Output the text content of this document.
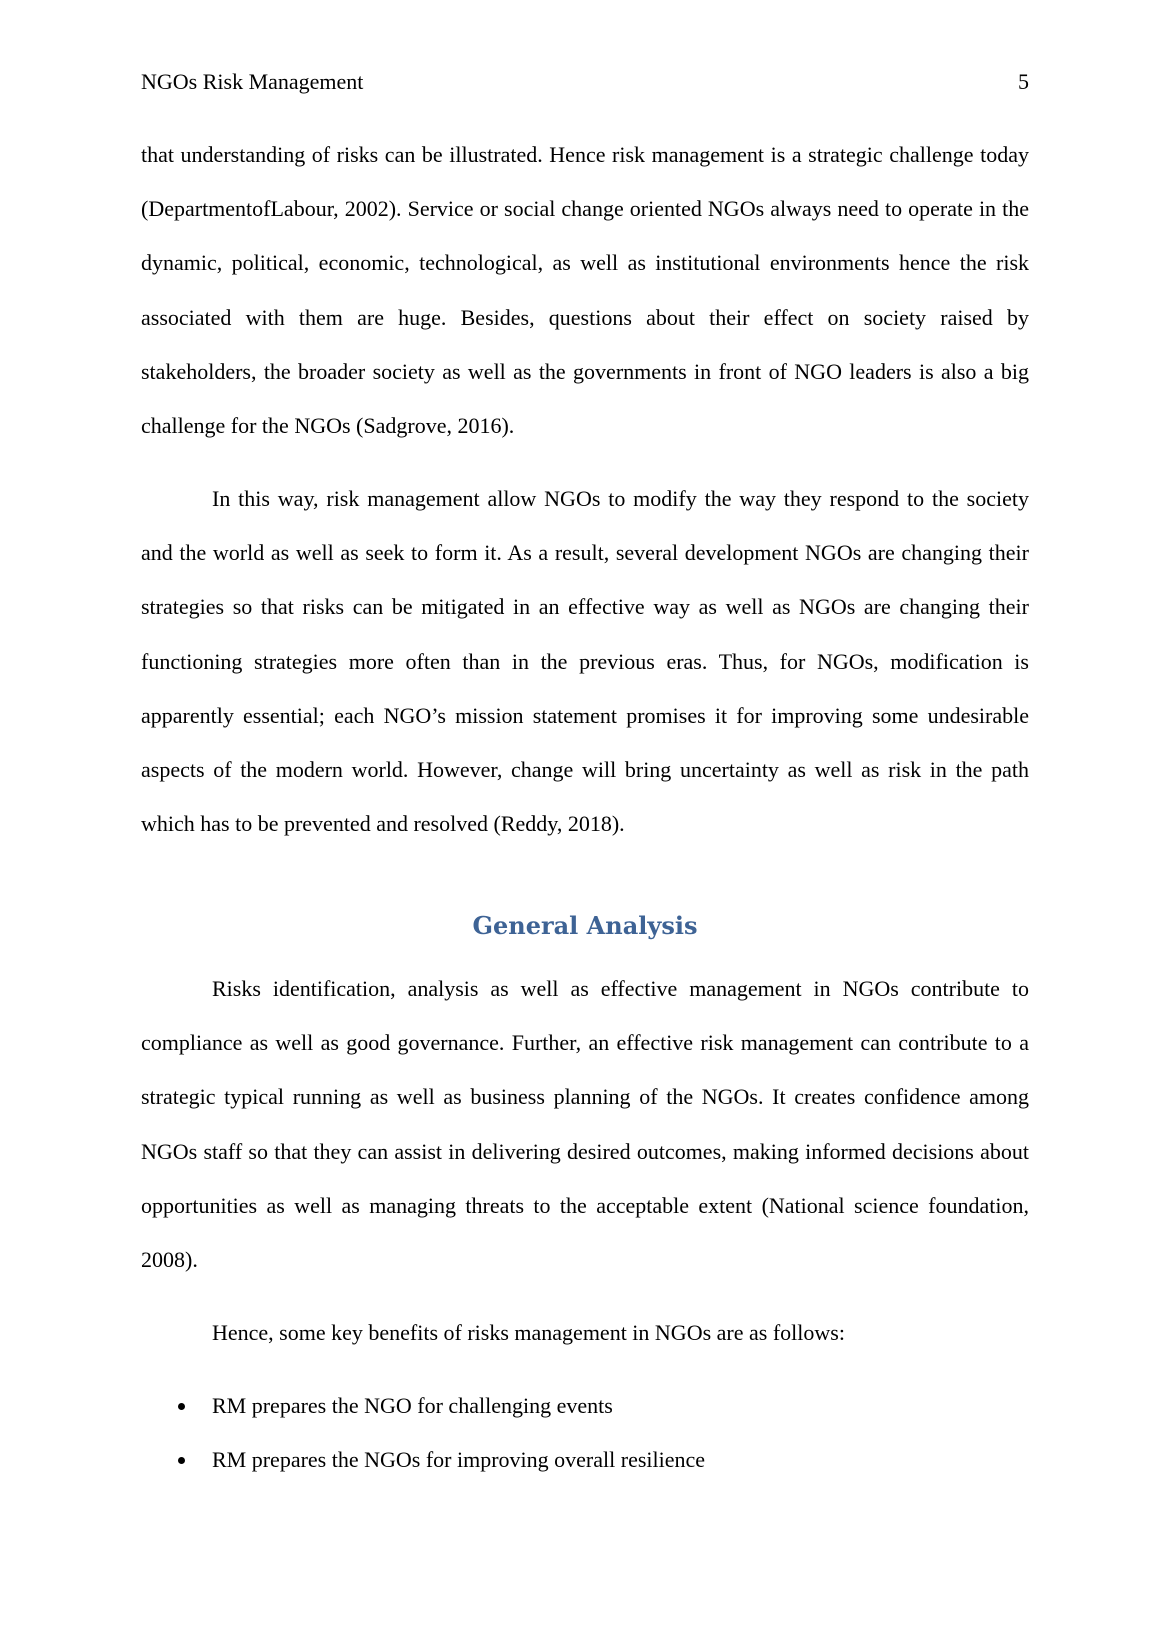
NGOs Risk Management	5

that understanding of risks can be illustrated. Hence risk management is a strategic challenge today (DepartmentofLabour, 2002). Service or social change oriented NGOs always need to operate in the dynamic, political, economic, technological, as well as institutional environments hence the risk associated with them are huge. Besides, questions about their effect on society raised by stakeholders, the broader society as well as the governments in front of NGO leaders is also a big challenge for the NGOs (Sadgrove, 2016).

In this way, risk management allow NGOs to modify the way they respond to the society and the world as well as seek to form it. As a result, several development NGOs are changing their strategies so that risks can be mitigated in an effective way as well as NGOs are changing their functioning strategies more often than in the previous eras. Thus, for NGOs, modification is apparently essential; each NGO’s mission statement promises it for improving some undesirable aspects of the modern world. However, change will bring uncertainty as well as risk in the path which has to be prevented and resolved (Reddy, 2018).

General Analysis

Risks identification, analysis as well as effective management in NGOs contribute to compliance as well as good governance. Further, an effective risk management can contribute to a strategic typical running as well as business planning of the NGOs. It creates confidence among NGOs staff so that they can assist in delivering desired outcomes, making informed decisions about opportunities as well as managing threats to the acceptable extent (National science foundation, 2008).

Hence, some key benefits of risks management in NGOs are as follows:

RM prepares the NGO for challenging events
RM prepares the NGOs for improving overall resilience
